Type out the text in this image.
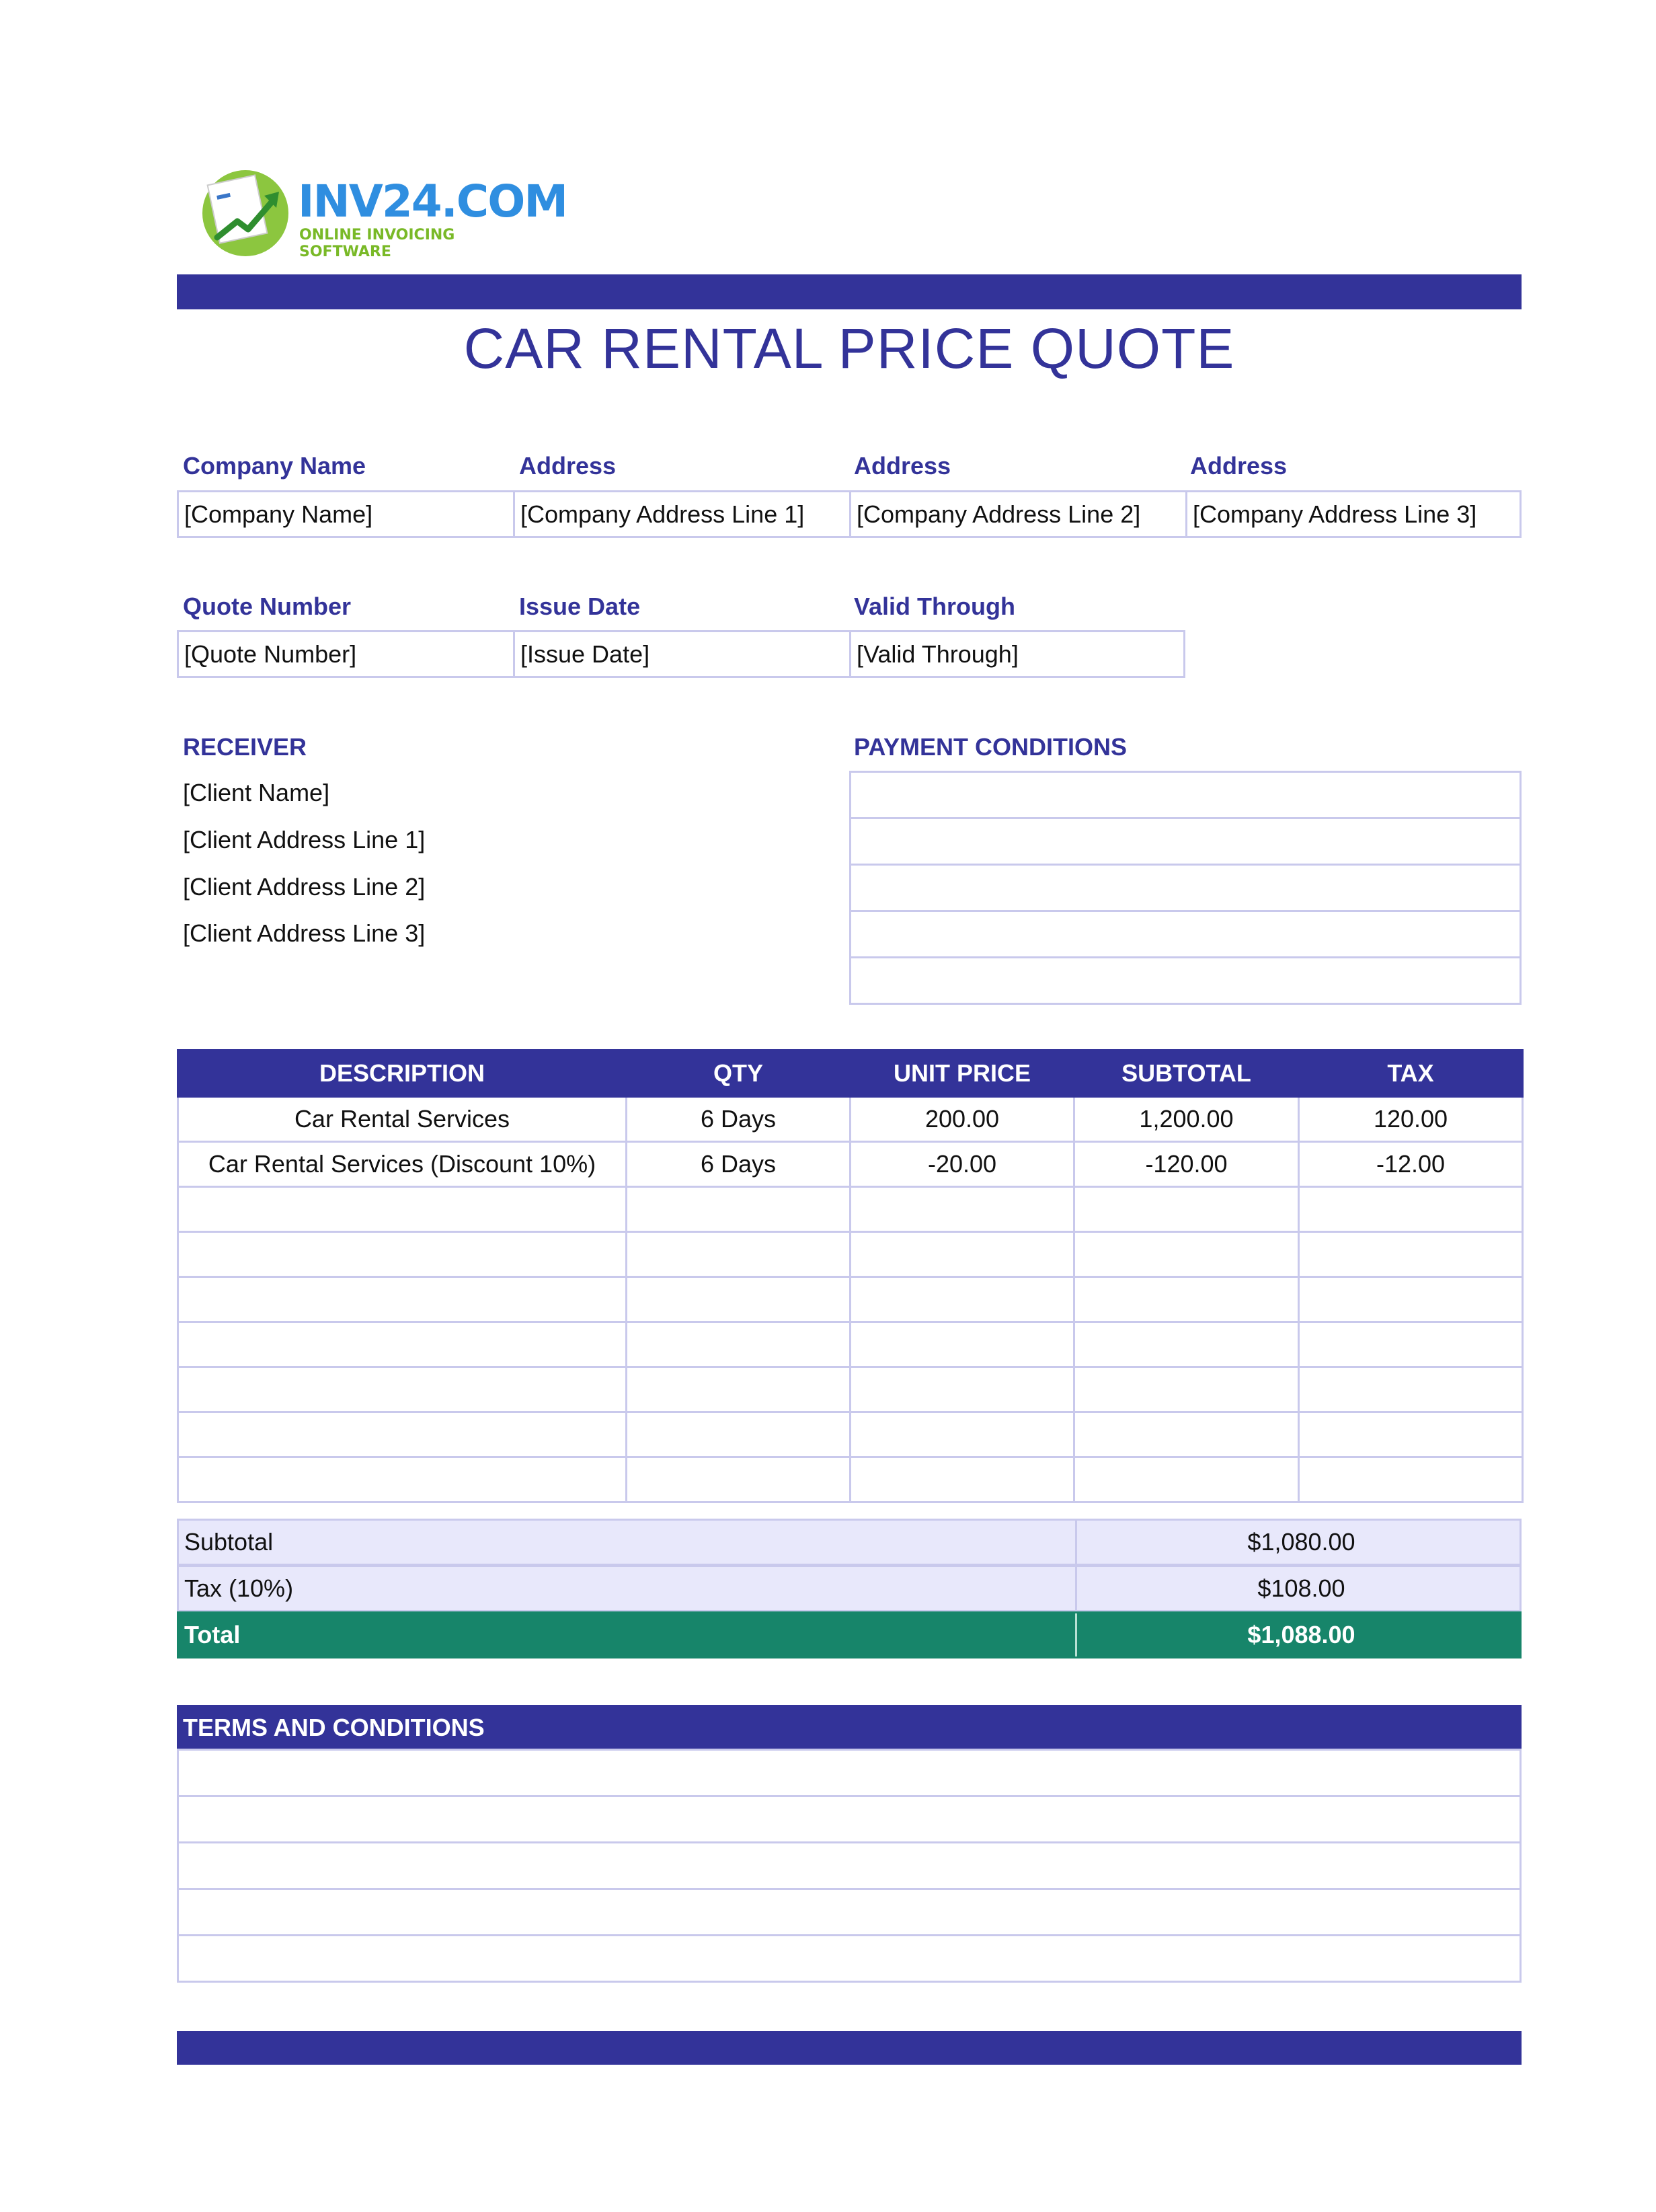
INV24.COM
ONLINE INVOICING SOFTWARE
CAR RENTAL PRICE QUOTE
Company Name	Address	Address	Address
[Company Name]	[Company Address Line 1]	[Company Address Line 2]	[Company Address Line 3]
Quote Number	Issue Date	Valid Through
[Quote Number]	[Issue Date]	[Valid Through]
RECEIVER
[Client Name]
[Client Address Line 1]
[Client Address Line 2]
[Client Address Line 3]
PAYMENT CONDITIONS
DESCRIPTION	QTY	UNIT PRICE	SUBTOTAL	TAX
Car Rental Services	6 Days	200.00	1,200.00	120.00
Car Rental Services (Discount 10%)	6 Days	-20.00	-120.00	-12.00

Subtotal	$1,080.00
Tax (10%)	$108.00
Total	$1,088.00
TERMS AND CONDITIONS
